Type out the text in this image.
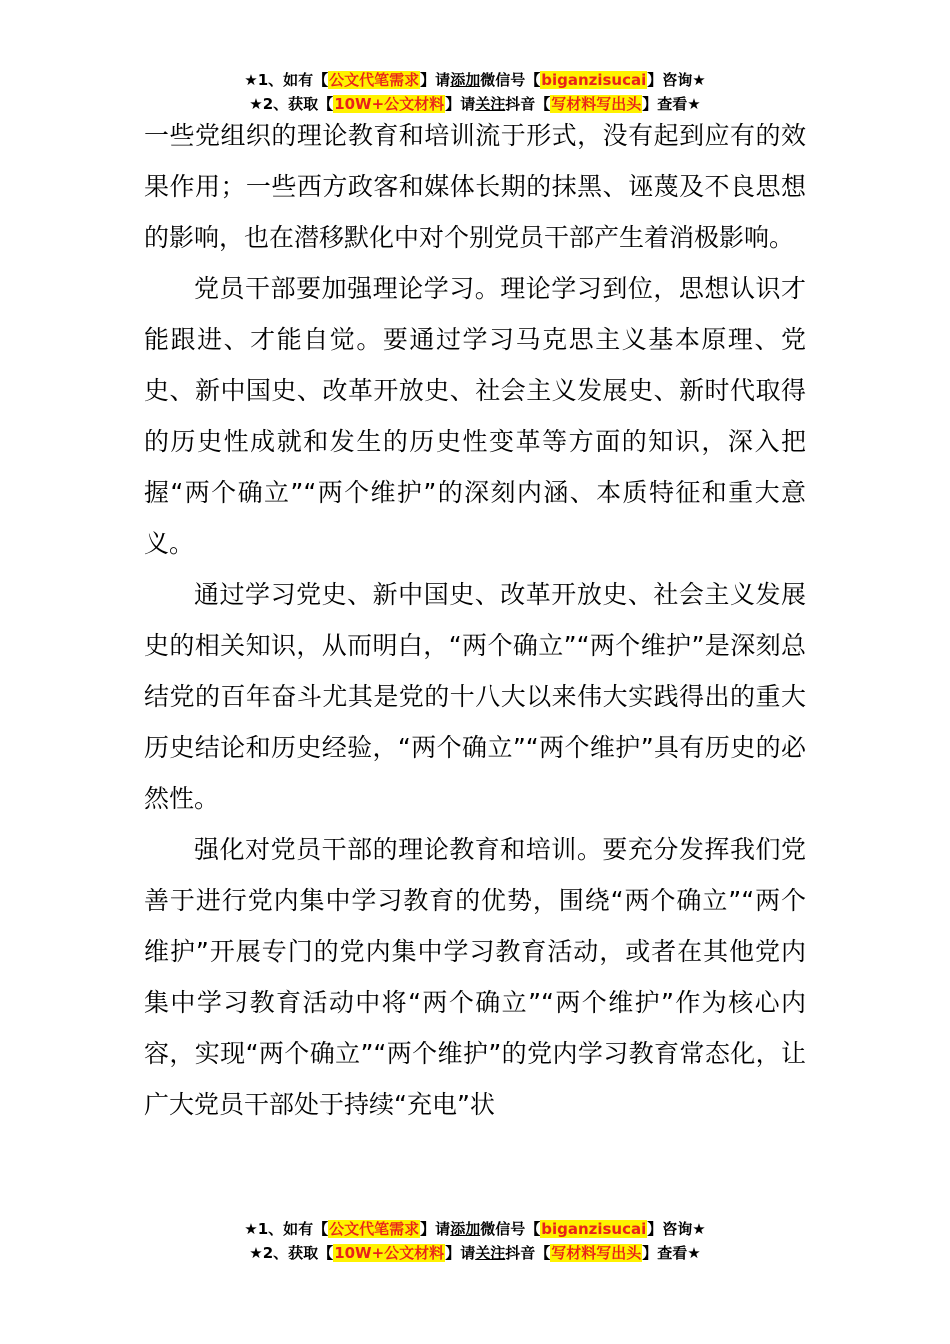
★1、如有【公文代笔需求】请添加微信号【biganzisucai】咨询★
★2、获取【10W+公文材料】请关注抖音【写材料写出头】查看★

一些党组织的理论教育和培训流于形式，没有起到应有的效果作用；一些西方政客和媒体长期的抹黑、诬蔑及不良思想的影响，也在潜移默化中对个别党员干部产生着消极影响。

党员干部要加强理论学习。理论学习到位，思想认识才能跟进、才能自觉。要通过学习马克思主义基本原理、党史、新中国史、改革开放史、社会主义发展史、新时代取得的历史性成就和发生的历史性变革等方面的知识，深入把握“两个确立”“两个维护”的深刻内涵、本质特征和重大意义。

通过学习党史、新中国史、改革开放史、社会主义发展史的相关知识，从而明白，“两个确立”“两个维护”是深刻总结党的百年奋斗尤其是党的十八大以来伟大实践得出的重大历史结论和历史经验，“两个确立”“两个维护”具有历史的必然性。

强化对党员干部的理论教育和培训。要充分发挥我们党善于进行党内集中学习教育的优势，围绕“两个确立”“两个维护”开展专门的党内集中学习教育活动，或者在其他党内集中学习教育活动中将“两个确立”“两个维护”作为核心内容，实现“两个确立”“两个维护”的党内学习教育常态化，让广大党员干部处于持续“充电”状

★1、如有【公文代笔需求】请添加微信号【biganzisucai】咨询★
★2、获取【10W+公文材料】请关注抖音【写材料写出头】查看★
